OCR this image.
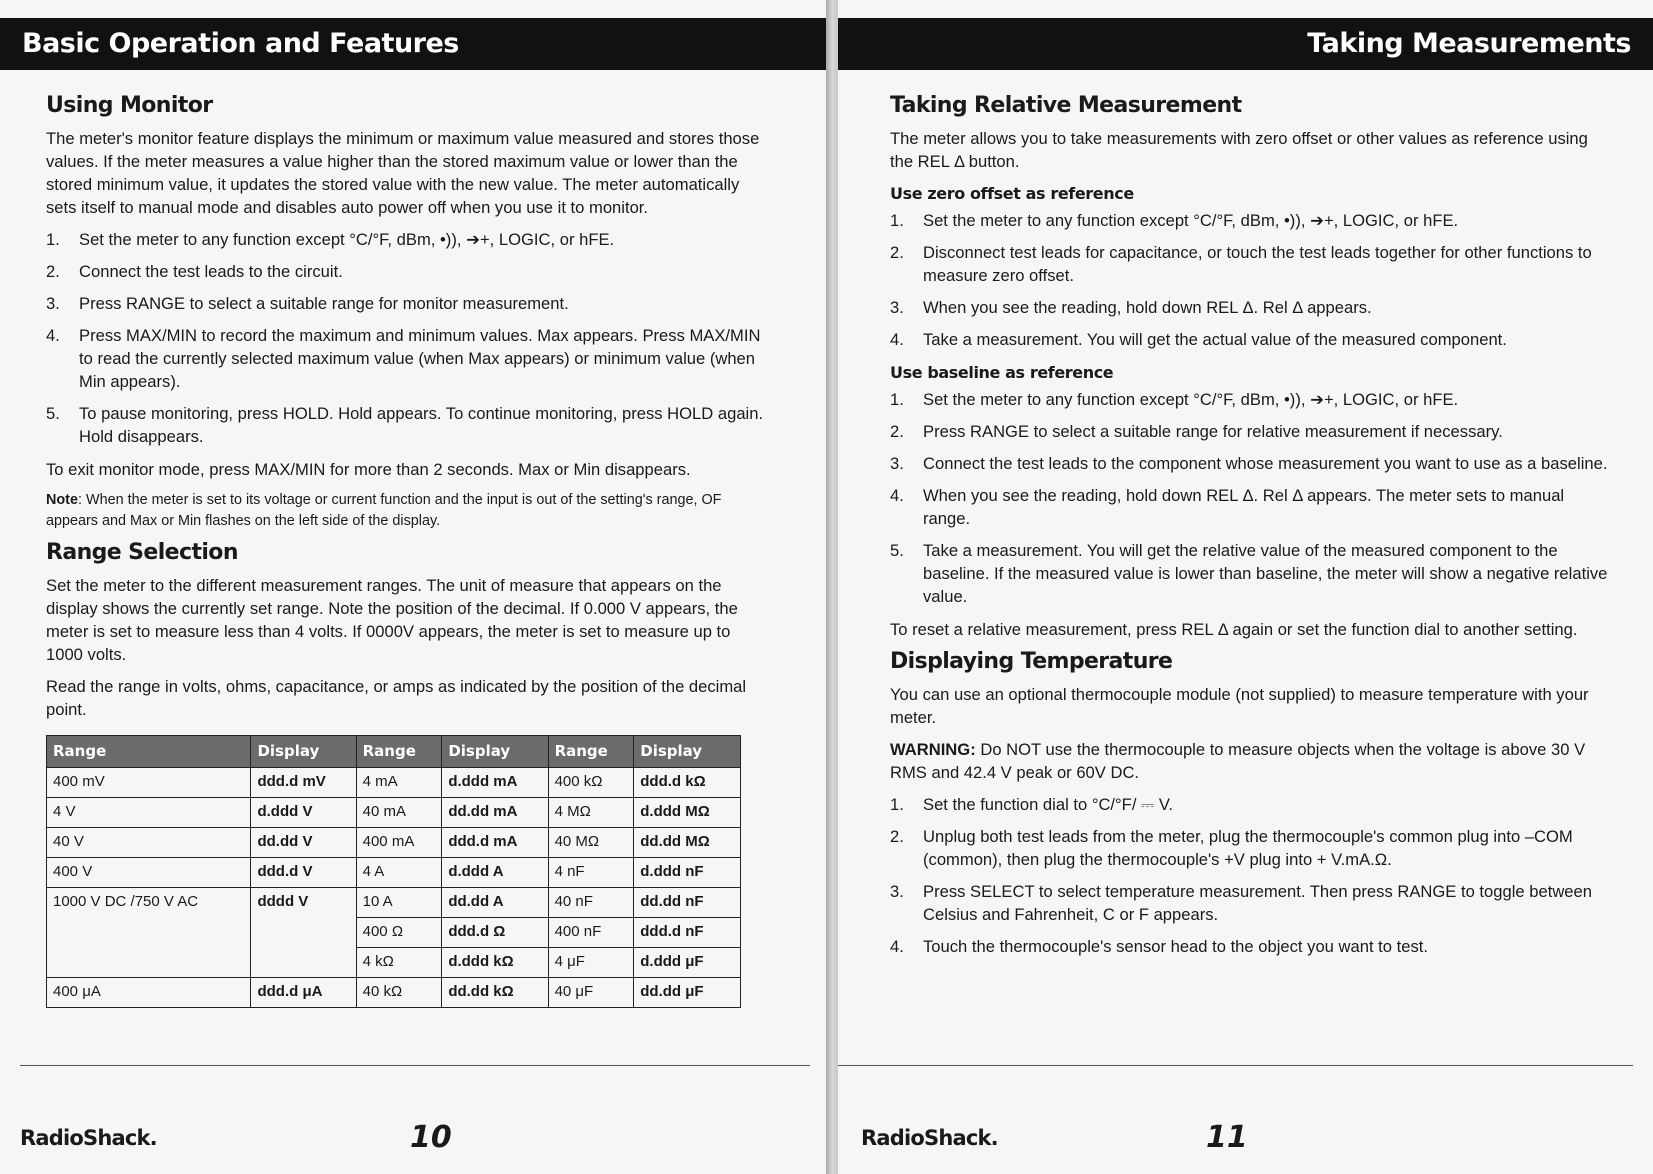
Basic Operation and Features
Using Monitor

The meter's monitor feature displays the minimum or maximum value measured and stores those values. If the meter measures a value higher than the stored maximum value or lower than the stored minimum value, it updates the stored value with the new value. The meter automatically sets itself to manual mode and disables auto power off when you use it to monitor.

1. Set the meter to any function except °C/°F, dBm, •)), ➔+, LOGIC, or hFE.
2. Connect the test leads to the circuit.
3. Press RANGE to select a suitable range for monitor measurement.
4. Press MAX/MIN to record the maximum and minimum values. Max appears. Press MAX/MIN to read the currently selected maximum value (when Max appears) or minimum value (when Min appears).
5. To pause monitoring, press HOLD. Hold appears. To continue monitoring, press HOLD again. Hold disappears.

To exit monitor mode, press MAX/MIN for more than 2 seconds. Max or Min disappears.

Note: When the meter is set to its voltage or current function and the input is out of the setting's range, OF appears and Max or Min flashes on the left side of the display.

Range Selection

Set the meter to the different measurement ranges. The unit of measure that appears on the display shows the currently set range. Note the position of the decimal. If 0.000 V appears, the meter is set to measure less than 4 volts. If 0000V appears, the meter is set to measure up to 1000 volts.

Read the range in volts, ohms, capacitance, or amps as indicated by the position of the decimal point.

Range	Display	Range	Display	Range	Display
400 mV	ddd.d mV	4 mA	d.ddd mA	400 kΩ	ddd.d kΩ
4 V	d.ddd V	40 mA	dd.dd mA	4 MΩ	d.ddd MΩ
40 V	dd.dd V	400 mA	ddd.d mA	40 MΩ	dd.dd MΩ
400 V	ddd.d V	4 A	d.ddd A	4 nF	d.ddd nF
1000 V DC /750 V AC	dddd V	10 A	dd.dd A	40 nF	dd.dd nF
		400 Ω	ddd.d Ω	400 nF	ddd.d nF
		4 kΩ	d.ddd kΩ	4 μF	d.ddd μF
400 μA	ddd.d μA	40 kΩ	dd.dd kΩ	40 μF	dd.dd μF
RadioShack.	10
Taking Measurements
Taking Relative Measurement

The meter allows you to take measurements with zero offset or other values as reference using the REL Δ button.

Use zero offset as reference
1. Set the meter to any function except °C/°F, dBm, •)), ➔+, LOGIC, or hFE.
2. Disconnect test leads for capacitance, or touch the test leads together for other functions to measure zero offset.
3. When you see the reading, hold down REL Δ. Rel Δ appears.
4. Take a measurement. You will get the actual value of the measured component.
Use baseline as reference
1. Set the meter to any function except °C/°F, dBm, •)), ➔+, LOGIC, or hFE.
2. Press RANGE to select a suitable range for relative measurement if necessary.
3. Connect the test leads to the component whose measurement you want to use as a baseline.
4. When you see the reading, hold down REL Δ. Rel Δ appears. The meter sets to manual range.
5. Take a measurement. You will get the relative value of the measured component to the baseline. If the measured value is lower than baseline, the meter will show a negative relative value.

To reset a relative measurement, press REL Δ again or set the function dial to another setting.

Displaying Temperature

You can use an optional thermocouple module (not supplied) to measure temperature with your meter.

WARNING: Do NOT use the thermocouple to measure objects when the voltage is above 30 V RMS and 42.4 V peak or 60V DC.

1. Set the function dial to °C/°F/ ⎓ V.
2. Unplug both test leads from the meter, plug the thermocouple's common plug into –COM (common), then plug the thermocouple's +V plug into + V.mA.Ω.
3. Press SELECT to select temperature measurement. Then press RANGE to toggle between Celsius and Fahrenheit, C or F appears.
4. Touch the thermocouple's sensor head to the object you want to test.
RadioShack.	11
